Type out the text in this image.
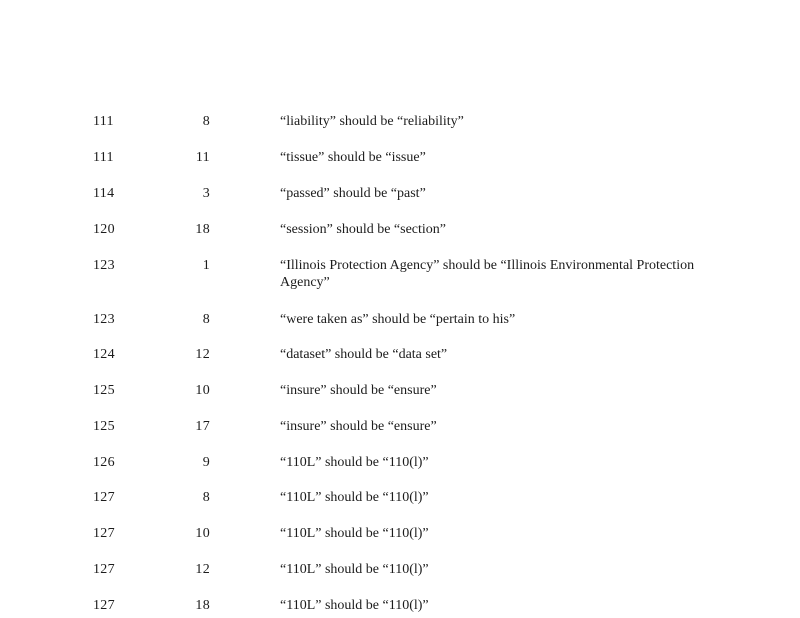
111	8	“liability” should be “reliability”
111	11	“tissue” should be “issue”
114	3	“passed” should be “past”
120	18	“session” should be “section”
123	1	“Illinois Protection Agency” should be “Illinois Environmental Protection Agency”
123	8	“were taken as” should be “pertain to his”
124	12	“dataset” should be “data set”
125	10	“insure” should be “ensure”
125	17	“insure” should be “ensure”
126	9	“110L” should be “110(l)”
127	8	“110L” should be “110(l)”
127	10	“110L” should be “110(l)”
127	12	“110L” should be “110(l)”
127	18	“110L” should be “110(l)”
